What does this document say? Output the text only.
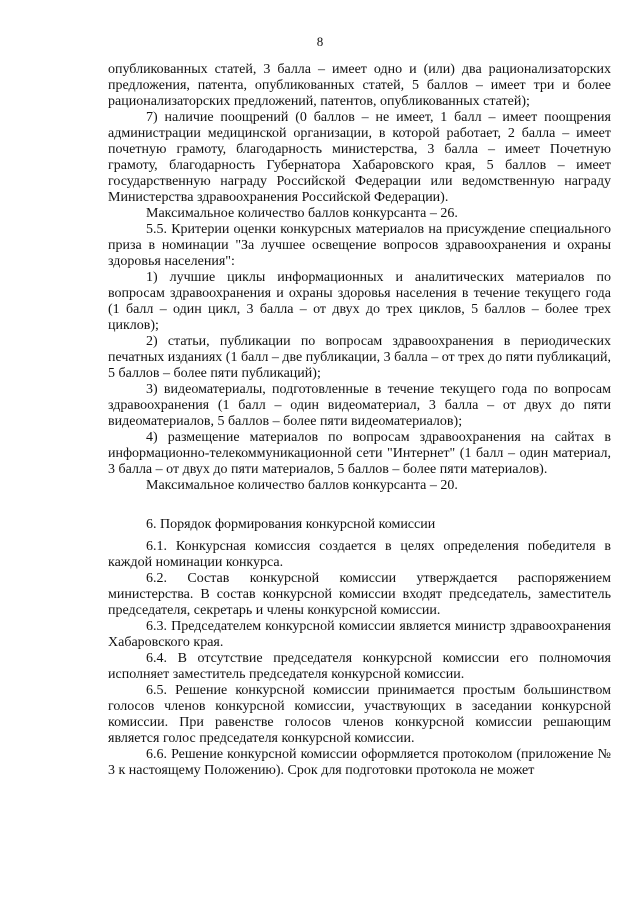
8

опубликованных статей, 3 балла – имеет одно и (или) два рационализаторских предложения, патента, опубликованных статей, 5 баллов – имеет три и более рационализаторских предложений, патентов, опубликованных статей);

7) наличие поощрений (0 баллов – не имеет, 1 балл – имеет поощрения администрации медицинской организации, в которой работает, 2 балла – имеет почетную грамоту, благодарность министерства, 3 балла – имеет Почетную грамоту, благодарность Губернатора Хабаровского края, 5 баллов – имеет государственную награду Российской Федерации или ведомственную награду Министерства здравоохранения Российской Федерации).

Максимальное количество баллов конкурсанта – 26.

5.5. Критерии оценки конкурсных материалов на присуждение специального приза в номинации "За лучшее освещение вопросов здравоохранения и охраны здоровья населения":

1) лучшие циклы информационных и аналитических материалов по вопросам здравоохранения и охраны здоровья населения в течение текущего года (1 балл – один цикл, 3 балла – от двух до трех циклов, 5 баллов – более трех циклов);

2) статьи, публикации по вопросам здравоохранения в периодических печатных изданиях (1 балл – две публикации, 3 балла – от трех до пяти публикаций, 5 баллов – более пяти публикаций);

3) видеоматериалы, подготовленные в течение текущего года по вопросам здравоохранения (1 балл – один видеоматериал, 3 балла – от двух до пяти видеоматериалов, 5 баллов – более пяти видеоматериалов);

4) размещение материалов по вопросам здравоохранения на сайтах в информационно-телекоммуникационной сети "Интернет" (1 балл – один материал, 3 балла – от двух до пяти материалов, 5 баллов – более пяти материалов).

Максимальное количество баллов конкурсанта – 20.

6. Порядок формирования конкурсной комиссии

6.1. Конкурсная комиссия создается в целях определения победителя в каждой номинации конкурса.

6.2. Состав конкурсной комиссии утверждается распоряжением министерства. В состав конкурсной комиссии входят председатель, заместитель председателя, секретарь и члены конкурсной комиссии.

6.3. Председателем конкурсной комиссии является министр здравоохранения Хабаровского края.

6.4. В отсутствие председателя конкурсной комиссии его полномочия исполняет заместитель председателя конкурсной комиссии.

6.5. Решение конкурсной комиссии принимается простым большинством голосов членов конкурсной комиссии, участвующих в заседании конкурсной комиссии. При равенстве голосов членов конкурсной комиссии решающим является голос председателя конкурсной комиссии.

6.6. Решение конкурсной комиссии оформляется протоколом (приложение № 3 к настоящему Положению). Срок для подготовки протокола не может
